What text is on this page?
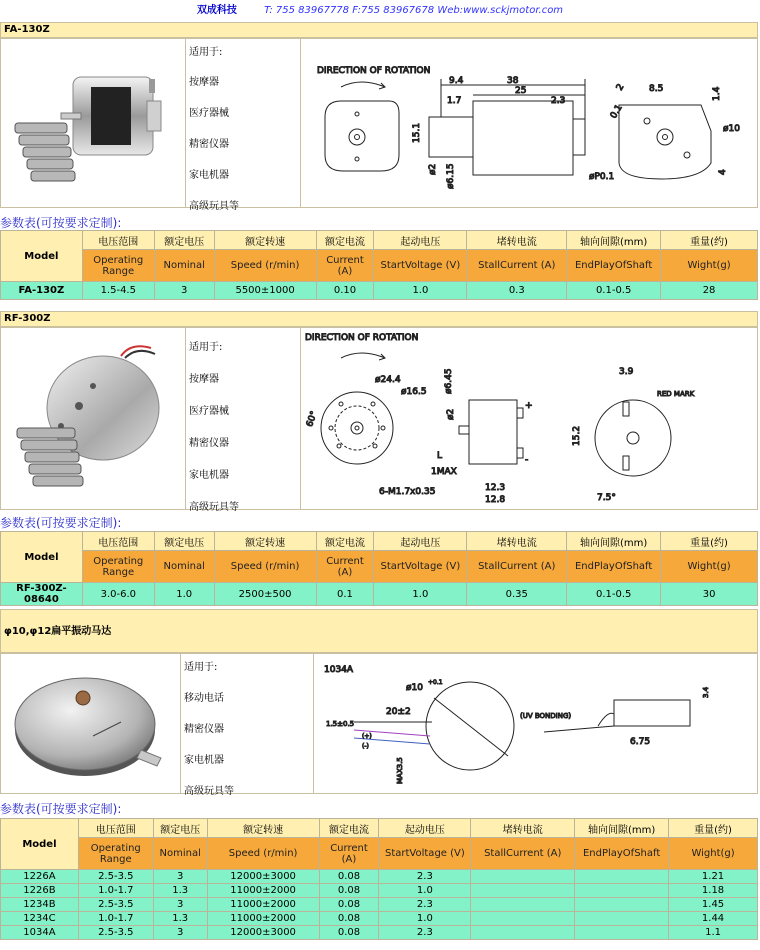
双成科技	T: 755 83967778 F:755 83967678 Web:www.sckjmotor.com
FA-130Z
适用于:
按摩器
医疗器械
精密仪器
家电机器
高级玩具等
DIRECTION OF ROTATION
38
25
2.3
9.4
1.7
15.1
ø2 ø6.15
8.5	1.4
ø10
4
2
0.1
øP0.1
参数表(可按要求定制):
Model	电压范围	额定电压	额定转速	额定电流	起动电压	堵转电流	轴向间隙(mm)	重量(约)
	Operating Range	Nominal	Speed (r/min)	Current (A)	StartVoltage (V)	StallCurrent (A)	EndPlayOfShaft	Wight(g)
FA-130Z	1.5-4.5	3	5500±1000	0.10	1.0	0.3	0.1-0.5	28
RF-300Z
适用于:
按摩器
医疗器械
精密仪器
家电机器
高级玩具等
DIRECTION OF ROTATION
ø24.4
ø16.5
60°
6-M1.7x0.35
ø6.45
ø2
L
1MAX
12.3
12.8
+
-
3.9
15.2
7.5°
RED MARK
参数表(可按要求定制):
Model	电压范围	额定电压	额定转速	额定电流	起动电压	堵转电流	轴向间隙(mm)	重量(约)
	Operating Range	Nominal	Speed (r/min)	Current (A)	StartVoltage (V)	StallCurrent (A)	EndPlayOfShaft	Wight(g)
RF-300Z-08640	3.0-6.0	1.0	2500±500	0.1	1.0	0.35	0.1-0.5	30
φ10,φ12扁平振动马达
适用于:
移动电话
精密仪器
家电机器
高级玩具等
1034A
ø10
+0.1
20±2
1.5±0.5
(+)
(-)
MAX3.5
(UV BONDING)
6.75
3.4
参数表(可按要求定制):
Model	电压范围	额定电压	额定转速	额定电流	起动电压	堵转电流	轴向间隙(mm)	重量(约)
	Operating Range	Nominal	Speed (r/min)	Current (A)	StartVoltage (V)	StallCurrent (A)	EndPlayOfShaft	Wight(g)
1226A	2.5-3.5	3	12000±3000	0.08	2.3			1.21
1226B	1.0-1.7	1.3	11000±2000	0.08	1.0			1.18
1234B	2.5-3.5	3	11000±2000	0.08	2.3			1.45
1234C	1.0-1.7	1.3	11000±2000	0.08	1.0			1.44
1034A	2.5-3.5	3	12000±3000	0.08	2.3			1.1
